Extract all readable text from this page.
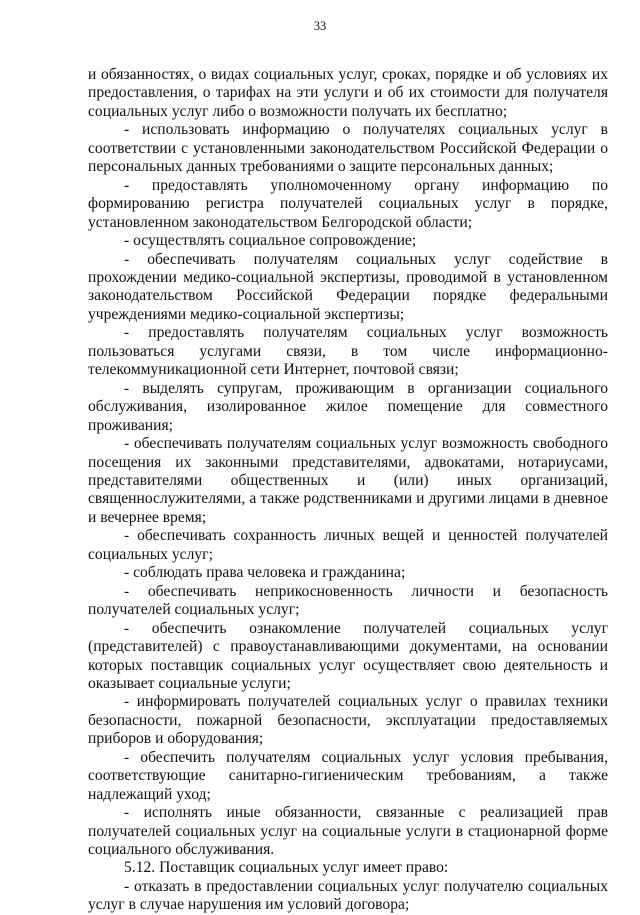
33

и обязанностях, о видах социальных услуг, сроках, порядке и об условиях их предоставления, о тарифах на эти услуги и об их стоимости для получателя социальных услуг либо о возможности получать их бесплатно;

- использовать информацию о получателях социальных услуг в соответствии с установленными законодательством Российской Федерации о персональных данных требованиями о защите персональных данных;

- предоставлять уполномоченному органу информацию по формированию регистра получателей социальных услуг в порядке, установленном законодательством Белгородской области;

- осуществлять социальное сопровождение;

- обеспечивать получателям социальных услуг содействие в прохождении медико-социальной экспертизы, проводимой в установленном законодательством Российской Федерации порядке федеральными учреждениями медико-социальной экспертизы;

- предоставлять получателям социальных услуг возможность пользоваться услугами связи, в том числе информационно-телекоммуникационной сети Интернет, почтовой связи;

- выделять супругам, проживающим в организации социального обслуживания, изолированное жилое помещение для совместного проживания;

- обеспечивать получателям социальных услуг возможность свободного посещения их законными представителями, адвокатами, нотариусами, представителями общественных и (или) иных организаций, священнослужителями, а также родственниками и другими лицами в дневное и вечернее время;

- обеспечивать сохранность личных вещей и ценностей получателей социальных услуг;

- соблюдать права человека и гражданина;

- обеспечивать неприкосновенность личности и безопасность получателей социальных услуг;

- обеспечить ознакомление получателей социальных услуг (представителей) с правоустанавливающими документами, на основании которых поставщик социальных услуг осуществляет свою деятельность и оказывает социальные услуги;

- информировать получателей социальных услуг о правилах техники безопасности, пожарной безопасности, эксплуатации предоставляемых приборов и оборудования;

- обеспечить получателям социальных услуг условия пребывания, соответствующие санитарно-гигиеническим требованиям, а также надлежащий уход;

- исполнять иные обязанности, связанные с реализацией прав получателей социальных услуг на социальные услуги в стационарной форме социального обслуживания.

5.12. Поставщик социальных услуг имеет право:

- отказать в предоставлении социальных услуг получателю социальных услуг в случае нарушения им условий договора;
